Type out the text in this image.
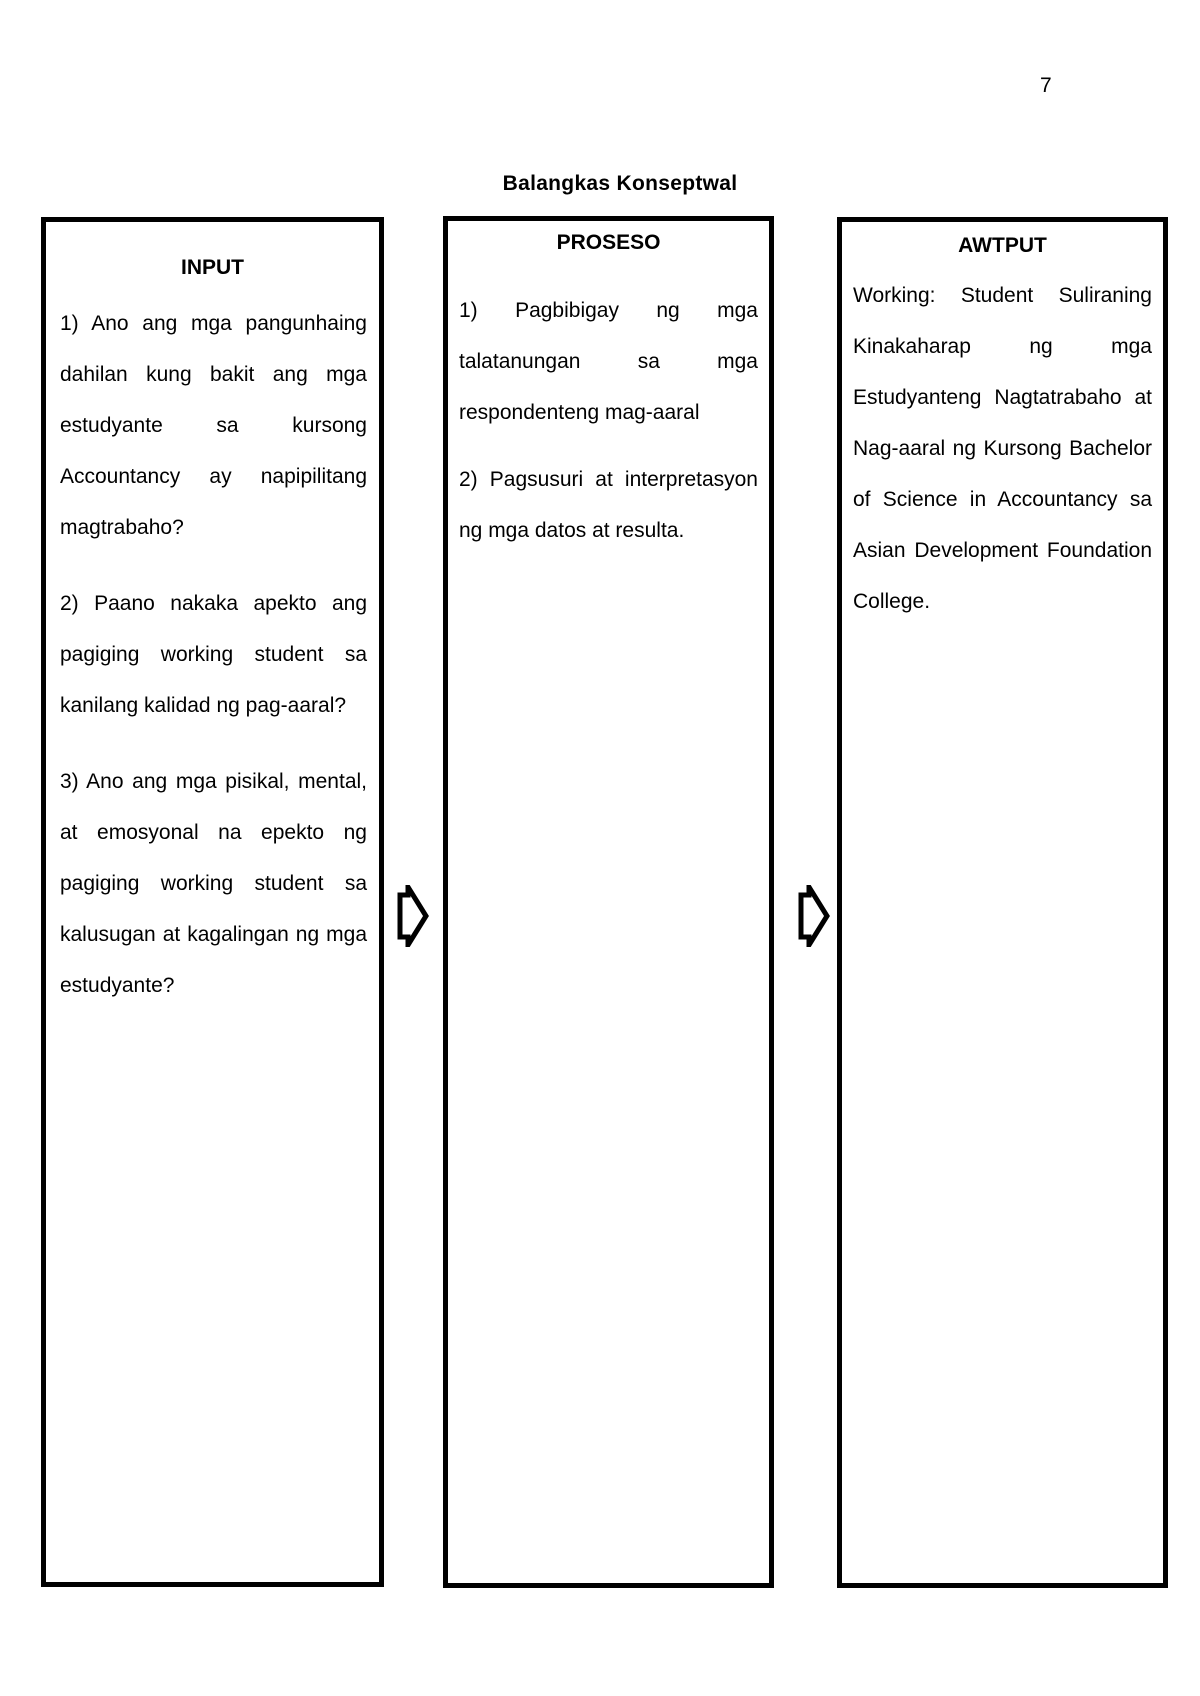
7
Balangkas Konseptwal
INPUT

1) Ano ang mga pangunhaing dahilan kung bakit ang mga estudyante sa kursong Accountancy ay napipilitang magtrabaho?

2) Paano nakaka apekto ang pagiging working student sa kanilang kalidad ng pag-aaral?

3) Ano ang mga pisikal, mental, at emosyonal na epekto ng pagiging working student sa kalusugan at kagalingan ng mga estudyante?

PROSESO

1) Pagbibigay ng mga talatanungan sa mga respondenteng mag-aaral

2) Pagsusuri at interpretasyon ng mga datos at resulta.

AWTPUT

Working: Student Suliraning Kinakaharap ng mga Estudyanteng Nagtatrabaho at Nag-aaral ng Kursong Bachelor of Science in Accountancy sa Asian Development Foundation College.
